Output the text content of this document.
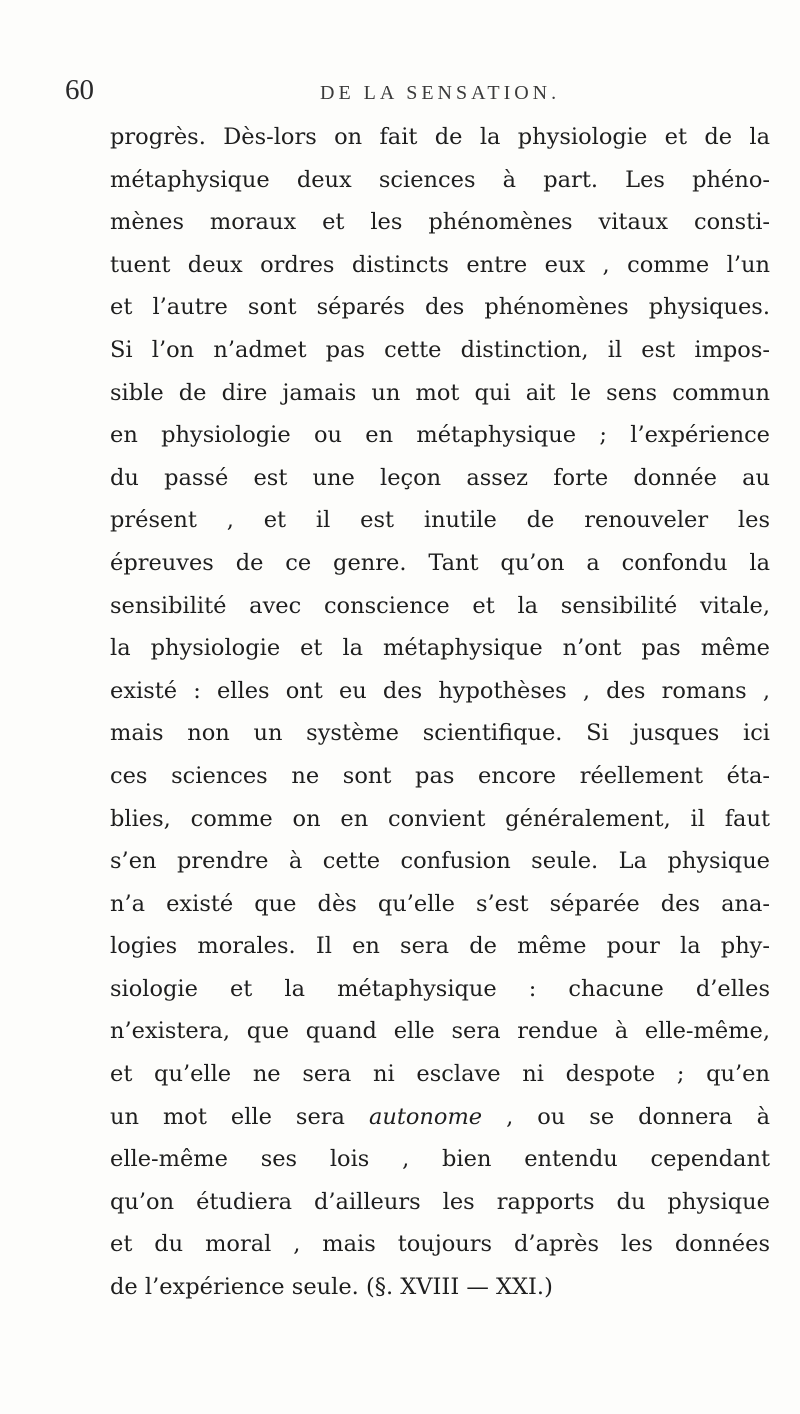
60	DE LA SENSATION.
progrès. Dès-lors on fait de la physiologie et de la
métaphysique deux sciences à part. Les phéno-
mènes moraux et les phénomènes vitaux consti-
tuent deux ordres distincts entre eux , comme l’un
et l’autre sont séparés des phénomènes physiques.
Si l’on n’admet pas cette distinction, il est impos-
sible de dire jamais un mot qui ait le sens commun
en physiologie ou en métaphysique ; l’expérience
du passé est une leçon assez forte donnée au
présent , et il est inutile de renouveler les
épreuves de ce genre. Tant qu’on a confondu la
sensibilité avec conscience et la sensibilité vitale,
la physiologie et la métaphysique n’ont pas même
existé : elles ont eu des hypothèses , des romans ,
mais non un système scientifique. Si jusques ici
ces sciences ne sont pas encore réellement éta-
blies, comme on en convient généralement, il faut
s’en prendre à cette confusion seule. La physique
n’a existé que dès qu’elle s’est séparée des ana-
logies morales. Il en sera de même pour la phy-
siologie et la métaphysique : chacune d’elles
n’existera, que quand elle sera rendue à elle-même,
et qu’elle ne sera ni esclave ni despote ; qu’en
un mot elle sera autonome , ou se donnera à
elle-même ses lois , bien entendu cependant
qu’on étudiera d’ailleurs les rapports du physique
et du moral , mais toujours d’après les données
de l’expérience seule. (§. XVIII — XXI.)
